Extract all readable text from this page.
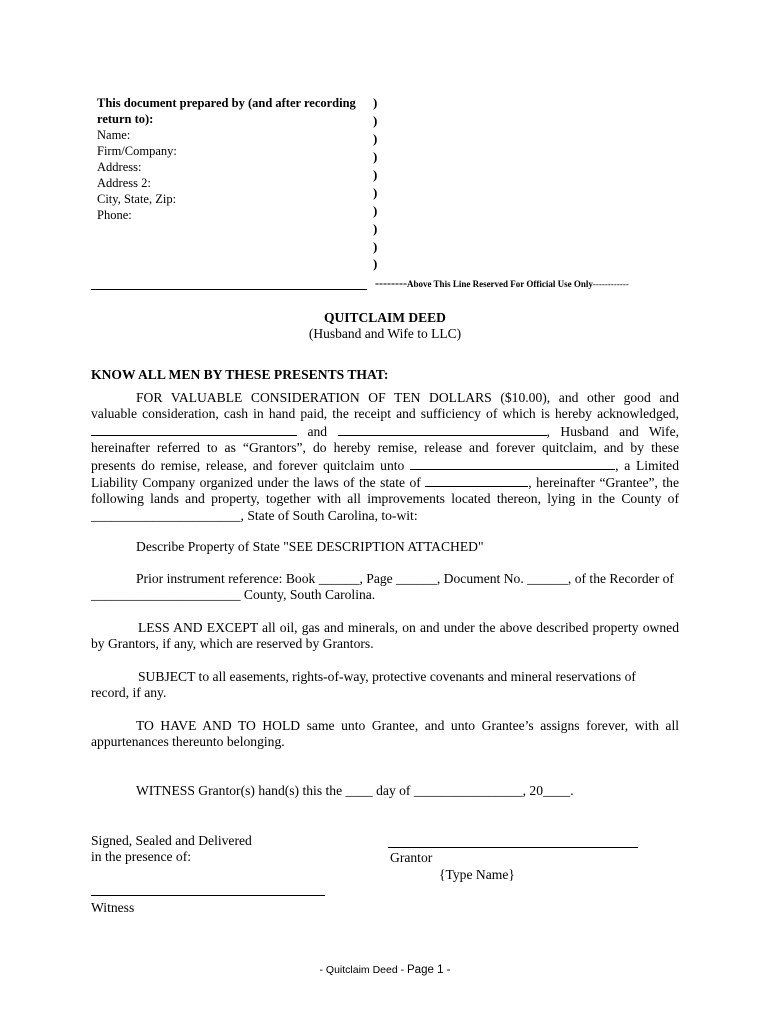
This document prepared by (and after recording
return to):
Name:
Firm/Company:
Address:
Address 2:
City, State, Zip:
Phone:
)
)
)
)
)
)
)
)
)
)
--------Above This Line Reserved For Official Use Only------------
QUITCLAIM DEED
(Husband and Wife to LLC)
KNOW ALL MEN BY THESE PRESENTS THAT:
FOR VALUABLE CONSIDERATION OF TEN DOLLARS ($10.00), and other good and
valuable consideration, cash in hand paid, the receipt and sufficiency of which is hereby acknowledged,
and	, Husband and Wife,
hereinafter referred to as “Grantors”, do hereby remise, release and forever quitclaim, and by these
presents do remise, release, and forever quitclaim unto	, a Limited
Liability Company organized under the laws of the state of	, hereinafter “Grantee”, the
following lands and property, together with all improvements located thereon, lying in the County of
______________________, State of South Carolina, to-wit:
Describe Property of State "SEE DESCRIPTION ATTACHED"
Prior instrument reference: Book ______, Page ______, Document No. ______, of the Recorder of
______________________ County, South Carolina.
LESS AND EXCEPT all oil, gas and minerals, on and under the above described property owned
by Grantors, if any, which are reserved by Grantors.
SUBJECT to all easements, rights-of-way, protective covenants and mineral reservations of
record, if any.
TO HAVE AND TO HOLD same unto Grantee, and unto Grantee’s assigns forever, with all
appurtenances thereunto belonging.
WITNESS Grantor(s) hand(s) this the ____ day of ________________, 20____.
Signed, Sealed and Delivered
in the presence of:	Grantor
{Type Name}
Witness
- Quitclaim Deed - Page 1 -
